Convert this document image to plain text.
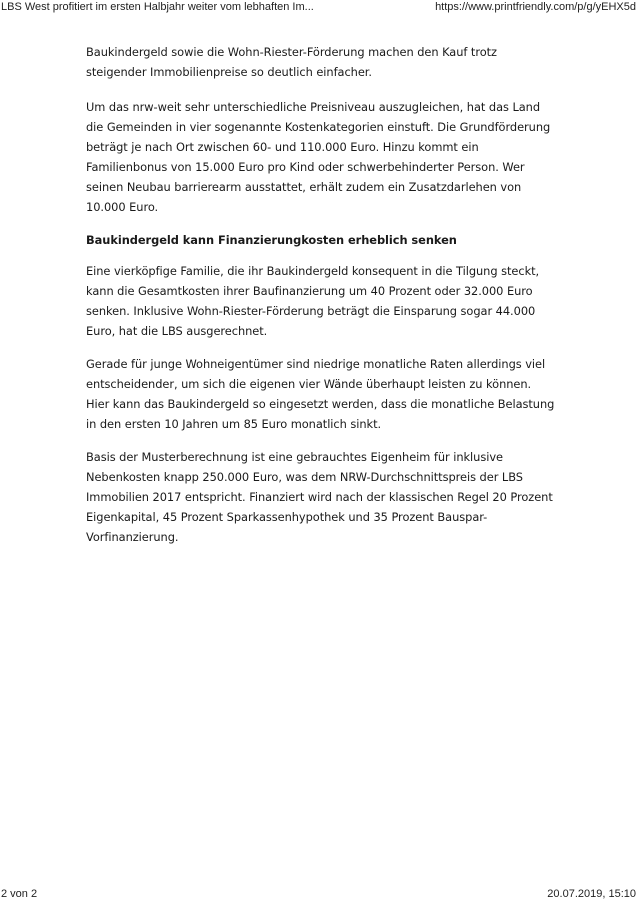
LBS West profitiert im ersten Halbjahr weiter vom lebhaften Im...	https://www.printfriendly.com/p/g/yEHX5d

Baukindergeld sowie die Wohn-Riester-Förderung machen den Kauf trotz steigender Immobilienpreise so deutlich einfacher.

Um das nrw-weit sehr unterschiedliche Preisniveau auszugleichen, hat das Land die Gemeinden in vier sogenannte Kostenkategorien einstuft. Die Grundförderung beträgt je nach Ort zwischen 60- und 110.000 Euro. Hinzu kommt ein Familienbonus von 15.000 Euro pro Kind oder schwerbehinderter Person. Wer seinen Neubau barrierearm ausstattet, erhält zudem ein Zusatzdarlehen von 10.000 Euro.

Baukindergeld kann Finanzierungkosten erheblich senken

Eine vierköpfige Familie, die ihr Baukindergeld konsequent in die Tilgung steckt, kann die Gesamtkosten ihrer Baufinanzierung um 40 Prozent oder 32.000 Euro senken. Inklusive Wohn-Riester-Förderung beträgt die Einsparung sogar 44.000 Euro, hat die LBS ausgerechnet.

Gerade für junge Wohneigentümer sind niedrige monatliche Raten allerdings viel entscheidender, um sich die eigenen vier Wände überhaupt leisten zu können. Hier kann das Baukindergeld so eingesetzt werden, dass die monatliche Belastung in den ersten 10 Jahren um 85 Euro monatlich sinkt.

Basis der Musterberechnung ist eine gebrauchtes Eigenheim für inklusive Nebenkosten knapp 250.000 Euro, was dem NRW-Durchschnittspreis der LBS Immobilien 2017 entspricht. Finanziert wird nach der klassischen Regel 20 Prozent Eigenkapital, 45 Prozent Sparkassenhypothek und 35 Prozent Bauspar-Vorfinanzierung.

2 von 2	20.07.2019, 15:10
